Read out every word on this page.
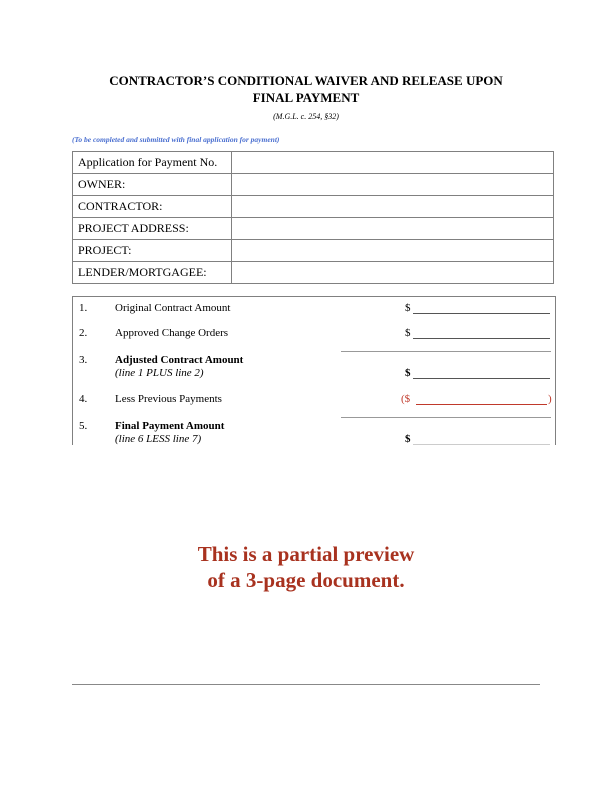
CONTRACTOR’S CONDITIONAL WAIVER AND RELEASE UPON
FINAL PAYMENT
(M.G.L. c. 254, §32)
(To be completed and submitted with final application for payment)
Application for Payment No.	
OWNER:	
CONTRACTOR:	
PROJECT ADDRESS:	
PROJECT:	
LENDER/MORTGAGEE:	
1.	Original Contract Amount	$
2.	Approved Change Orders	$
3.	Adjusted Contract Amount
(line 1 PLUS line 2)	$
4.	Less Previous Payments	($	)
5.	Final Payment Amount
(line 6 LESS line 7)	$
This is a partial preview
of a 3-page document.
